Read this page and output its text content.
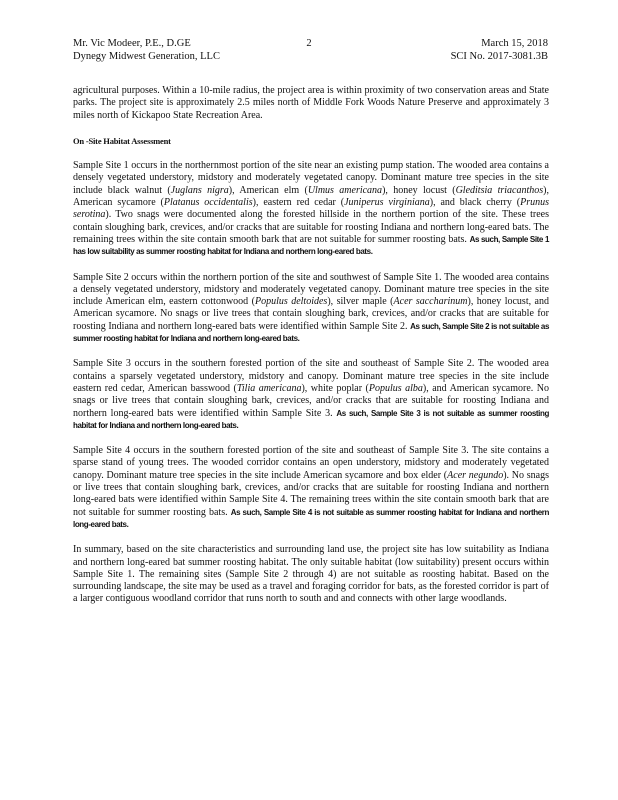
Mr. Vic Modeer, P.E., D.GE
Dynegy Midwest Generation, LLC
2	March 15, 2018
SCI No. 2017-3081.3B

agricultural purposes. Within a 10-mile radius, the project area is within proximity of two conservation areas and State parks. The project site is approximately 2.5 miles north of Middle Fork Woods Nature Preserve and approximately 3 miles north of Kickapoo State Recreation Area.

On -Site Habitat Assessment

Sample Site 1 occurs in the northernmost portion of the site near an existing pump station. The wooded area contains a densely vegetated understory, midstory and moderately vegetated canopy. Dominant mature tree species in the site include black walnut (Juglans nigra), American elm (Ulmus americana), honey locust (Gleditsia triacanthos), American sycamore (Platanus occidentalis), eastern red cedar (Juniperus virginiana), and black cherry (Prunus serotina). Two snags were documented along the forested hillside in the northern portion of the site. These trees contain sloughing bark, crevices, and/or cracks that are suitable for roosting Indiana and northern long-eared bats. The remaining trees within the site contain smooth bark that are not suitable for summer roosting bats. As such, Sample Site 1 has low suitability as summer roosting habitat for Indiana and northern long-eared bats.

Sample Site 2 occurs within the northern portion of the site and southwest of Sample Site 1. The wooded area contains a densely vegetated understory, midstory and moderately vegetated canopy. Dominant mature tree species in the site include American elm, eastern cottonwood (Populus deltoides), silver maple (Acer saccharinum), honey locust, and American sycamore. No snags or live trees that contain sloughing bark, crevices, and/or cracks that are suitable for roosting Indiana and northern long-eared bats were identified within Sample Site 2. As such, Sample Site 2 is not suitable as summer roosting habitat for Indiana and northern long-eared bats.

Sample Site 3 occurs in the southern forested portion of the site and southeast of Sample Site 2. The wooded area contains a sparsely vegetated understory, midstory and canopy. Dominant mature tree species in the site include eastern red cedar, American basswood (Tilia americana), white poplar (Populus alba), and American sycamore. No snags or live trees that contain sloughing bark, crevices, and/or cracks that are suitable for roosting Indiana and northern long-eared bats were identified within Sample Site 3. As such, Sample Site 3 is not suitable as summer roosting habitat for Indiana and northern long-eared bats.

Sample Site 4 occurs in the southern forested portion of the site and southeast of Sample Site 3. The site contains a sparse stand of young trees. The wooded corridor contains an open understory, midstory and moderately vegetated canopy. Dominant mature tree species in the site include American sycamore and box elder (Acer negundo). No snags or live trees that contain sloughing bark, crevices, and/or cracks that are suitable for roosting Indiana and northern long-eared bats were identified within Sample Site 4. The remaining trees within the site contain smooth bark that are not suitable for summer roosting bats. As such, Sample Site 4 is not suitable as summer roosting habitat for Indiana and northern long-eared bats.

In summary, based on the site characteristics and surrounding land use, the project site has low suitability as Indiana and northern long-eared bat summer roosting habitat. The only suitable habitat (low suitability) present occurs within Sample Site 1. The remaining sites (Sample Site 2 through 4) are not suitable as roosting habitat. Based on the surrounding landscape, the site may be used as a travel and foraging corridor for bats, as the forested corridor is part of a larger contiguous woodland corridor that runs north to south and and connects with other large woodlands.
